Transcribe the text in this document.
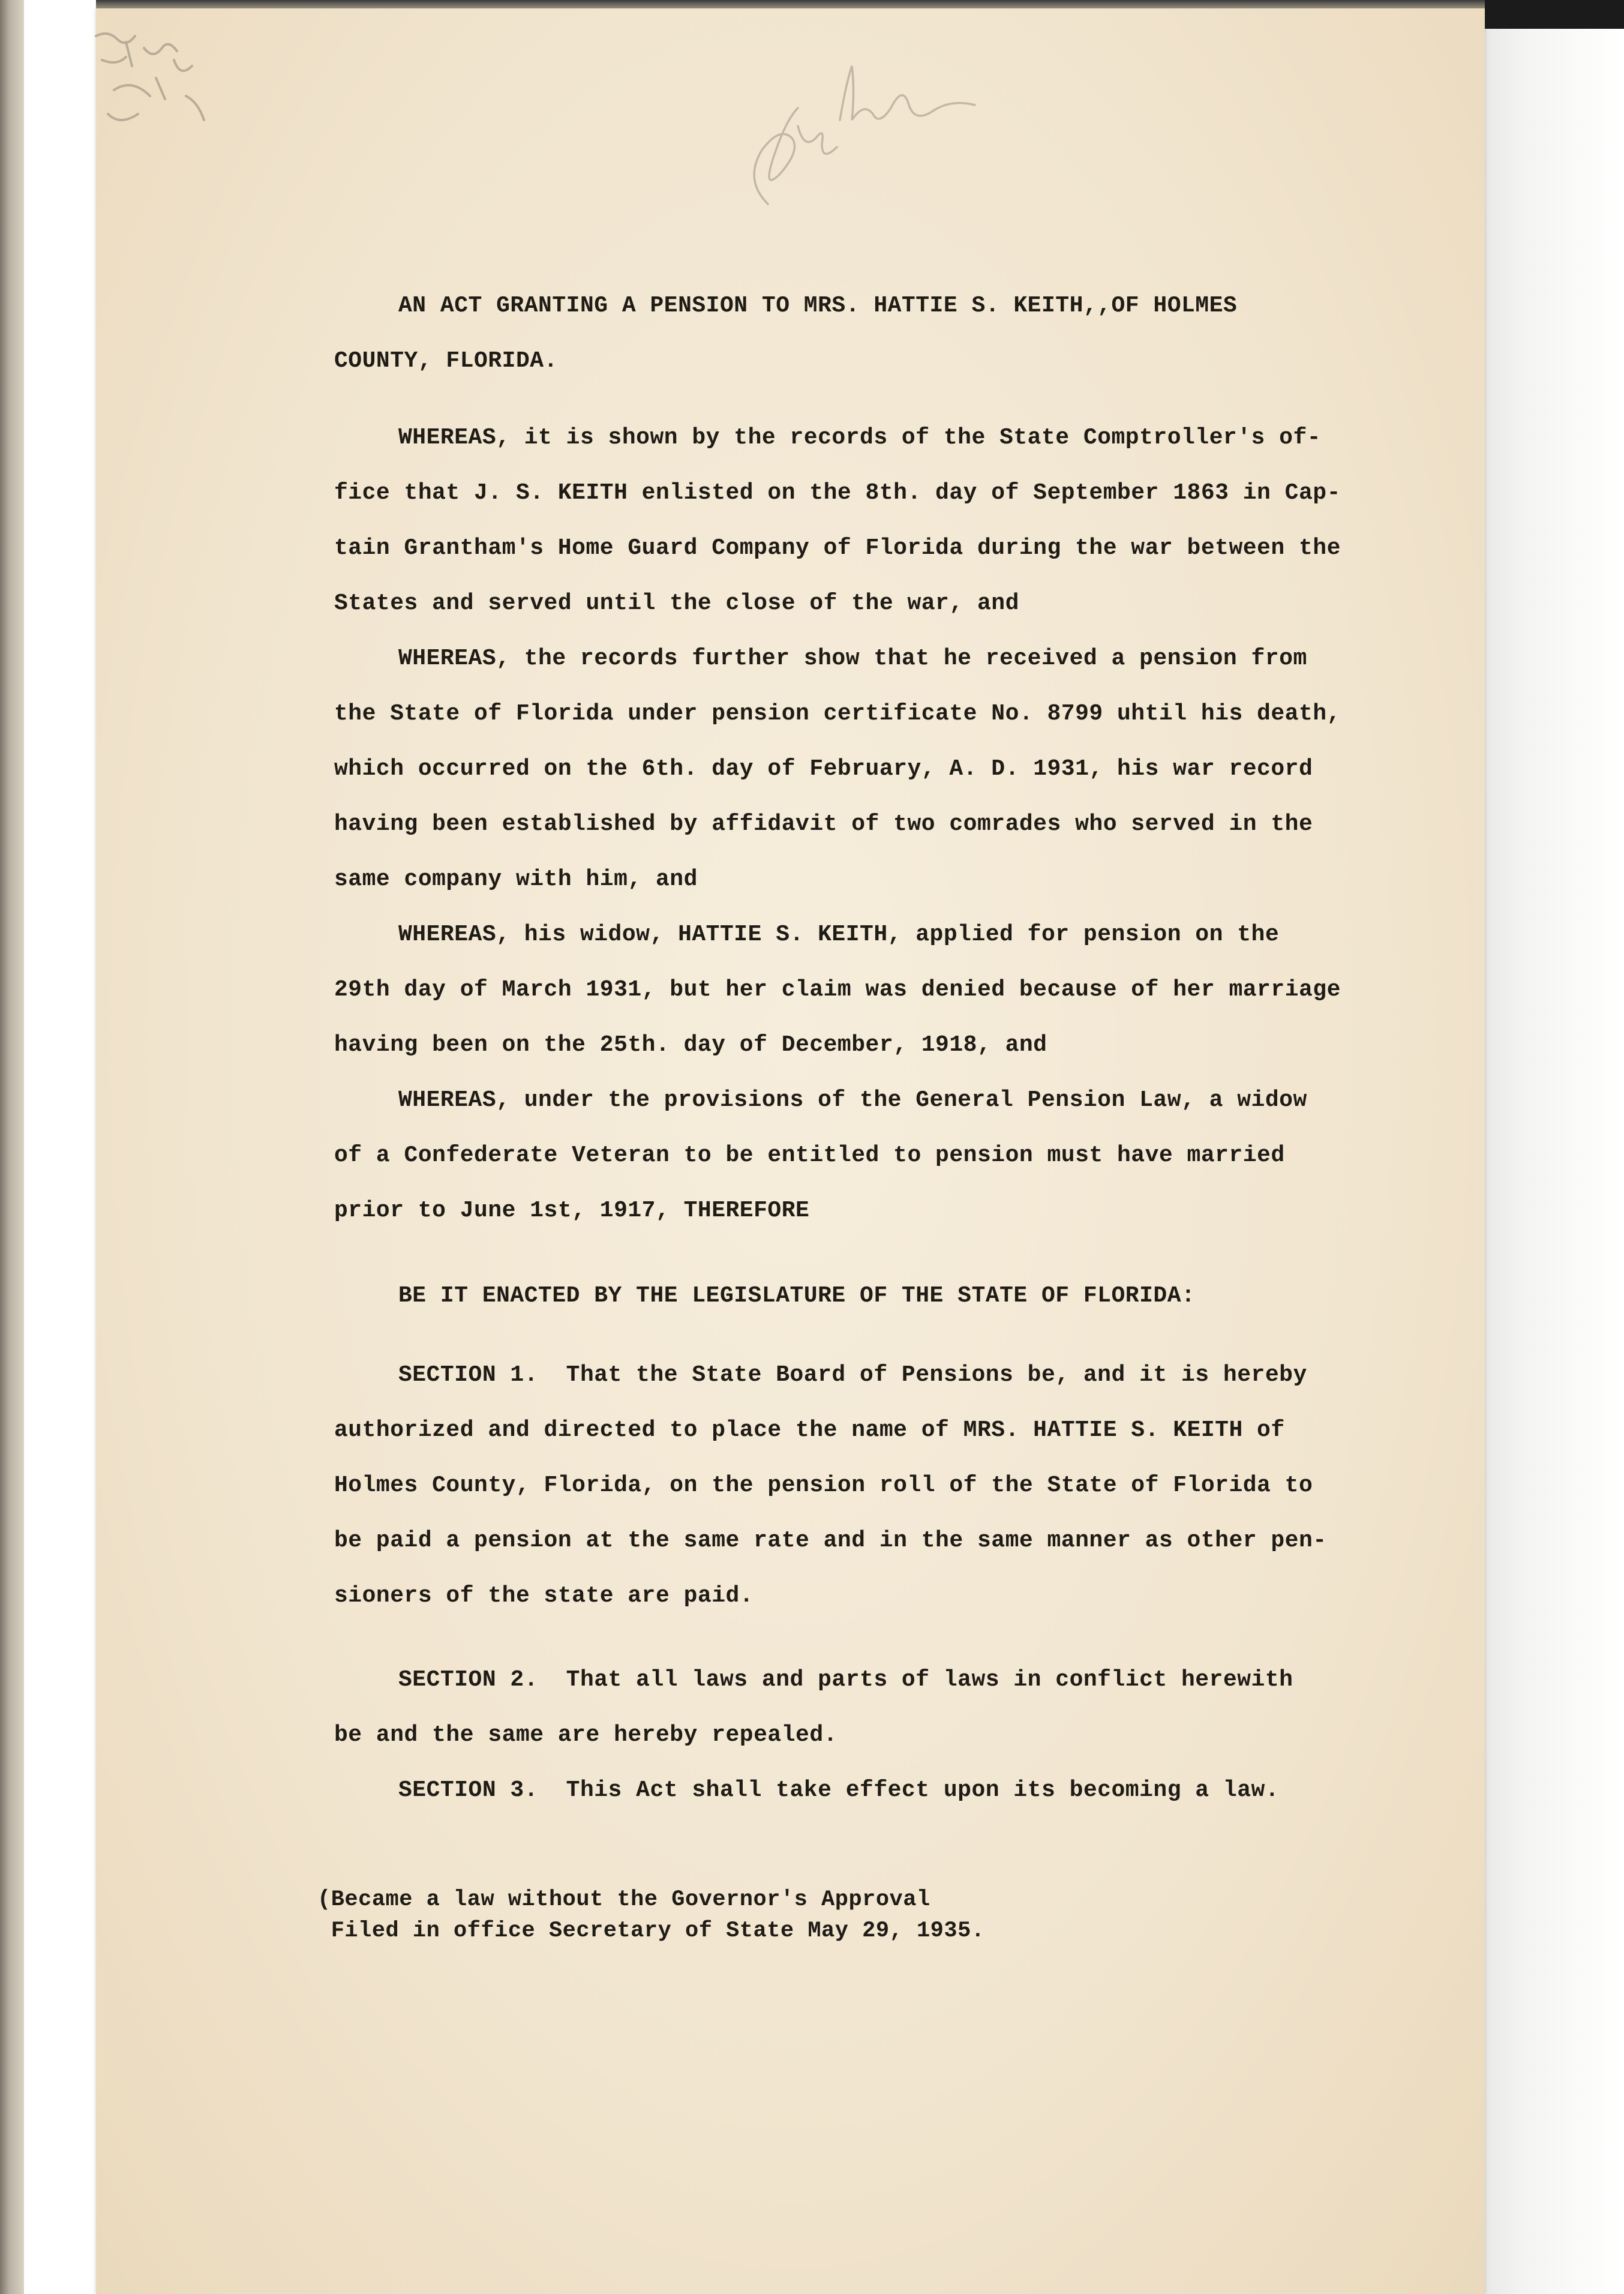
AN ACT GRANTING A PENSION TO MRS. HATTIE S. KEITH,,OF HOLMES

COUNTY, FLORIDA.

WHEREAS, it is shown by the records of the State Comptroller's of-

fice that J. S. KEITH enlisted on the 8th. day of September 1863 in Cap-

tain Grantham's Home Guard Company of Florida during the war between the

States and served until the close of the war, and

WHEREAS, the records further show that he received a pension from

the State of Florida under pension certificate No. 8799 uhtil his death,

which occurred on the 6th. day of February, A. D. 1931, his war record

having been established by affidavit of two comrades who served in the

same company with him, and

WHEREAS, his widow, HATTIE S. KEITH, applied for pension on the

29th day of March 1931, but her claim was denied because of her marriage

having been on the 25th. day of December, 1918, and

WHEREAS, under the provisions of the General Pension Law, a widow

of a Confederate Veteran to be entitled to pension must have married

prior to June 1st, 1917, THEREFORE

BE IT ENACTED BY THE LEGISLATURE OF THE STATE OF FLORIDA:

SECTION 1.  That the State Board of Pensions be, and it is hereby

authorized and directed to place the name of MRS. HATTIE S. KEITH of

Holmes County, Florida, on the pension roll of the State of Florida to

be paid a pension at the same rate and in the same manner as other pen-

sioners of the state are paid.

SECTION 2.  That all laws and parts of laws in conflict herewith

be and the same are hereby repealed.

SECTION 3.  This Act shall take effect upon its becoming a law.

(Became a law without the Governor's Approval

Filed in office Secretary of State May 29, 1935.
